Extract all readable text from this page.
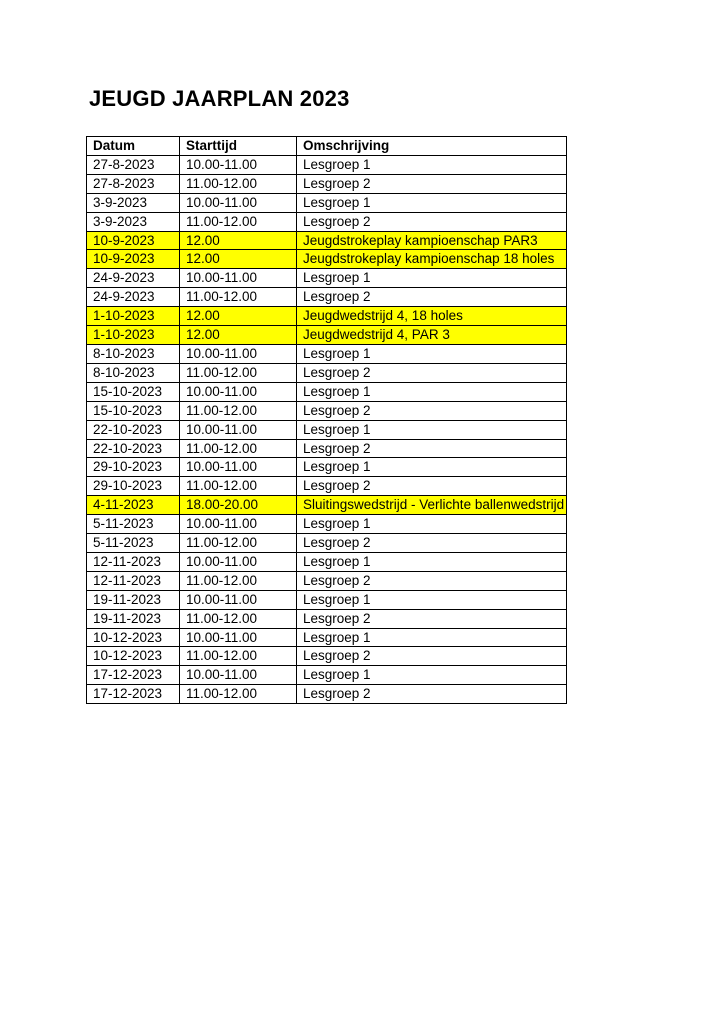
JEUGD JAARPLAN 2023
Datum	Starttijd	Omschrijving
27-8-2023	10.00-11.00	Lesgroep 1
27-8-2023	11.00-12.00	Lesgroep 2
3-9-2023	10.00-11.00	Lesgroep 1
3-9-2023	11.00-12.00	Lesgroep 2
10-9-2023	12.00	Jeugdstrokeplay kampioenschap PAR3
10-9-2023	12.00	Jeugdstrokeplay kampioenschap 18 holes
24-9-2023	10.00-11.00	Lesgroep 1
24-9-2023	11.00-12.00	Lesgroep 2
1-10-2023	12.00	Jeugdwedstrijd 4, 18 holes
1-10-2023	12.00	Jeugdwedstrijd 4, PAR 3
8-10-2023	10.00-11.00	Lesgroep 1
8-10-2023	11.00-12.00	Lesgroep 2
15-10-2023	10.00-11.00	Lesgroep 1
15-10-2023	11.00-12.00	Lesgroep 2
22-10-2023	10.00-11.00	Lesgroep 1
22-10-2023	11.00-12.00	Lesgroep 2
29-10-2023	10.00-11.00	Lesgroep 1
29-10-2023	11.00-12.00	Lesgroep 2
4-11-2023	18.00-20.00	Sluitingswedstrijd - Verlichte ballenwedstrijd
5-11-2023	10.00-11.00	Lesgroep 1
5-11-2023	11.00-12.00	Lesgroep 2
12-11-2023	10.00-11.00	Lesgroep 1
12-11-2023	11.00-12.00	Lesgroep 2
19-11-2023	10.00-11.00	Lesgroep 1
19-11-2023	11.00-12.00	Lesgroep 2
10-12-2023	10.00-11.00	Lesgroep 1
10-12-2023	11.00-12.00	Lesgroep 2
17-12-2023	10.00-11.00	Lesgroep 1
17-12-2023	11.00-12.00	Lesgroep 2
